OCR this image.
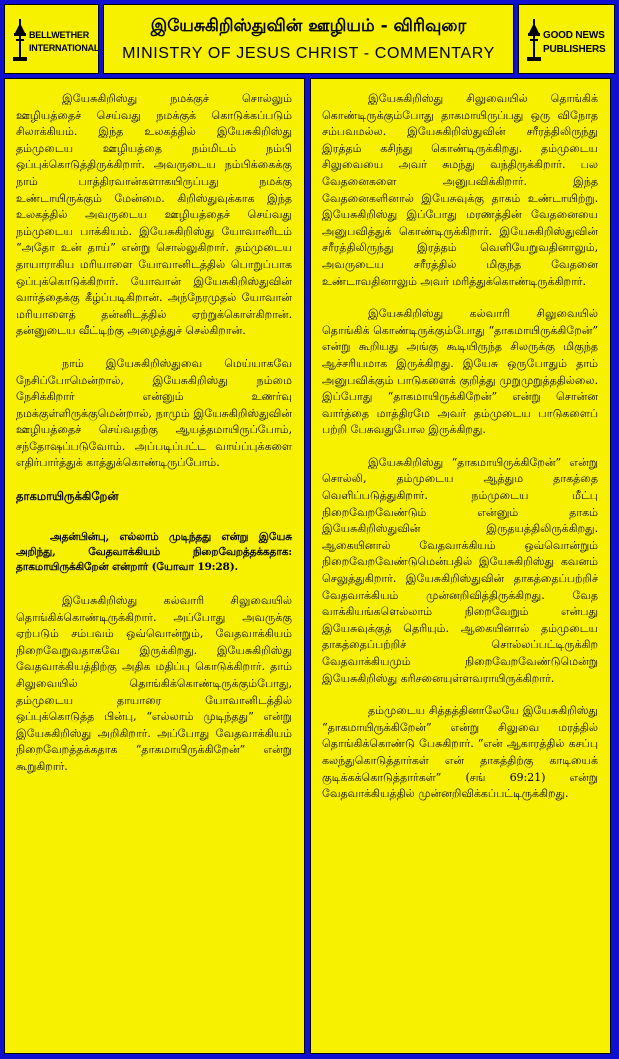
BELLWETHER
INTERNATIONAL
இயேசுகிறிஸ்துவின் ஊழியம் - விரிவுரை
MINISTRY OF JESUS CHRIST - COMMENTARY
GOOD NEWS
PUBLISHERS

இயேசுகிறிஸ்து நமக்குச் சொல்லும் ஊழியத்தைச் செய்வது நமக்குக் கொடுக்கப்படும் சிலாக்கியம். இந்த உலகத்தில் இயேசுகிறிஸ்து தம்முடைய ஊழியத்தை நம்மிடம் நம்பி ஒப்புக்கொடுத்திருக்கிறார். அவருடைய நம்பிக்கைக்கு நாம் பாத்திரவான்களாகயிருப்பது நமக்கு உண்டாயிருக்கும் மேன்மை. கிறிஸ்துவுக்காக இந்த உலகத்தில் அவருடைய ஊழியத்தைச் செய்வது நம்முடைய பாக்கியம். இயேசுகிறிஸ்து யோவானிடம் “அதோ உன் தாய்” என்று சொல்லுகிறார். தம்முடைய தாயாராகிய மரியாளை யோவானிடத்தில் பொறுப்பாக ஒப்புக்கொடுக்கிறார். யோவான் இயேசுகிறிஸ்துவின் வார்த்தைக்கு கீழ்ப்படிகிறான். அந்நேரமுதல் யோவான் மரியாளைத் தன்னிடத்தில் ஏற்றுக்கொள்கிறான். தன்னுடைய வீட்டிற்கு அழைத்துச் செல்கிறான்.

நாம் இயேசுகிறிஸ்துவை மெய்யாகவே நேசிப்போமென்றால், இயேசுகிறிஸ்து நம்மை நேசிக்கிறார் என்னும் உணர்வு நமக்குள்ளிருக்குமென்றால், நாமும் இயேசுகிறிஸ்துவின் ஊழியத்தைச் செய்வதற்கு ஆயத்தமாயிருப்போம், சந்தோஷப்படுவோம். அப்படிப்பட்ட வாய்ப்புக்களை எதிர்பார்த்துக் காத்துக்கொண்டிருப்போம்.

தாகமாயிருக்கிறேன்

அதன்பின்பு, எல்லாம் முடிந்தது என்று இயேசு அறிந்து, வேதவாக்கியம் நிறைவேறத்தக்கதாக: தாகமாயிருக்கிறேன் என்றார் (யோவா 19:28).

இயேசுகிறிஸ்து கல்வாரி சிலுவையில் தொங்கிக்கொண்டிருக்கிறார். அப்போது அவருக்கு ஏற்படும் சம்பவம் ஒவ்வொன்றும், வேதவாக்கியம் நிறைவேறுவதாகவே இருக்கிறது. இயேசுகிறிஸ்து வேதவாக்கியத்திற்கு அதிக மதிப்பு கொடுக்கிறார். தாம் சிலுவையில் தொங்கிக்கொண்டிருக்கும்போது, தம்முடைய தாயாரை யோவானிடத்தில் ஒப்புக்கொடுத்த பின்பு, “எல்லாம் முடிந்தது” என்று இயேசுகிறிஸ்து அறிகிறார். அப்போது வேதவாக்கியம் நிறைவேறத்தக்கதாக “தாகமாயிருக்கிறேன்” என்று கூறுகிறார்.

இயேசுகிறிஸ்து சிலுவையில் தொங்கிக் கொண்டிருக்கும்போது தாகமாயிருப்பது ஒரு விநோத சம்பவமல்ல. இயேசுகிறிஸ்துவின் சரீரத்திலிருந்து இரத்தம் கசிந்து கொண்டிருக்கிறது. தம்முடைய சிலுவையை அவர் சுமந்து வந்திருக்கிறார். பல வேதனைகளை அனுபவிக்கிறார். இந்த வேதனைகளினால் இயேசுவுக்கு தாகம் உண்டாயிற்று. இயேசுகிறிஸ்து இப்போது மரணத்தின் வேதனையை அனுபவித்துக் கொண்டிருக்கிறார். இயேசுகிறிஸ்துவின் சரீரத்திலிருந்து இரத்தம் வெளியேறுவதினாலும், அவருடைய சரீரத்தில் மிகுந்த வேதனை உண்டாவதினாலும் அவர் மரித்துக்கொண்டிருக்கிறார்.

இயேசுகிறிஸ்து கல்வாரி சிலுவையில் தொங்கிக் கொண்டிருக்கும்போது “தாகமாயிருக்கிறேன்” என்று கூறியது அங்கு கூடியிருந்த சிலருக்கு மிகுந்த ஆச்சரியமாக இருக்கிறது. இயேசு ஒருபோதும் தாம் அனுபவிக்கும் பாடுகளைக் குறித்து முறுமுறுத்ததில்லை. இப்போது “தாகமாயிருக்கிறேன்” என்று சொன்ன வார்த்தை மாத்திரமே அவர் தம்முடைய பாடுகளைப் பற்றி பேசுவதுபோல இருக்கிறது.

இயேசுகிறிஸ்து “தாகமாயிருக்கிறேன்” என்று சொல்லி, தம்முடைய ஆத்தும தாகத்தை வெளிப்படுத்துகிறார். நம்முடைய மீட்பு நிறைவேறவேண்டும் என்னும் தாகம் இயேசுகிறிஸ்துவின் இருதயத்திலிருக்கிறது. ஆகையினால் வேதவாக்கியம் ஒவ்வொன்றும் நிறைவேறவேண்டுமென்பதில் இயேசுகிறிஸ்து கவனம் செலுத்துகிறார். இயேசுகிறிஸ்துவின் தாகத்தைப்பற்றிச் வேதவாக்கியம் முன்னறிவித்திருக்கிறது. வேத வாக்கியங்களெல்லாம் நிறைவேறும் என்பது இயேசுவுக்குத் தெரியும். ஆகையினால் தம்முடைய தாகத்தைப்பற்றிச் சொல்லப்பட்டிருக்கிற வேதவாக்கியமும் நிறைவேறவேண்டுமென்று இயேசுகிறிஸ்து கரிசனையுள்ளவராயிருக்கிறார்.

தம்முடைய சித்தத்தினாலேயே இயேசுகிறிஸ்து “தாகமாயிருக்கிறேன்” என்று சிலுவை மரத்தில் தொங்கிக்கொண்டு பேசுகிறார். “என் ஆகாரத்தில் கசப்பு கலந்துகொடுத்தார்கள் என் தாகத்திற்கு காடியைக் குடிக்கக்கொடுத்தார்கள்” (சங் 69:21) என்று வேதவாக்கியத்தில் முன்னறிவிக்கப்பட்டிருக்கிறது.
